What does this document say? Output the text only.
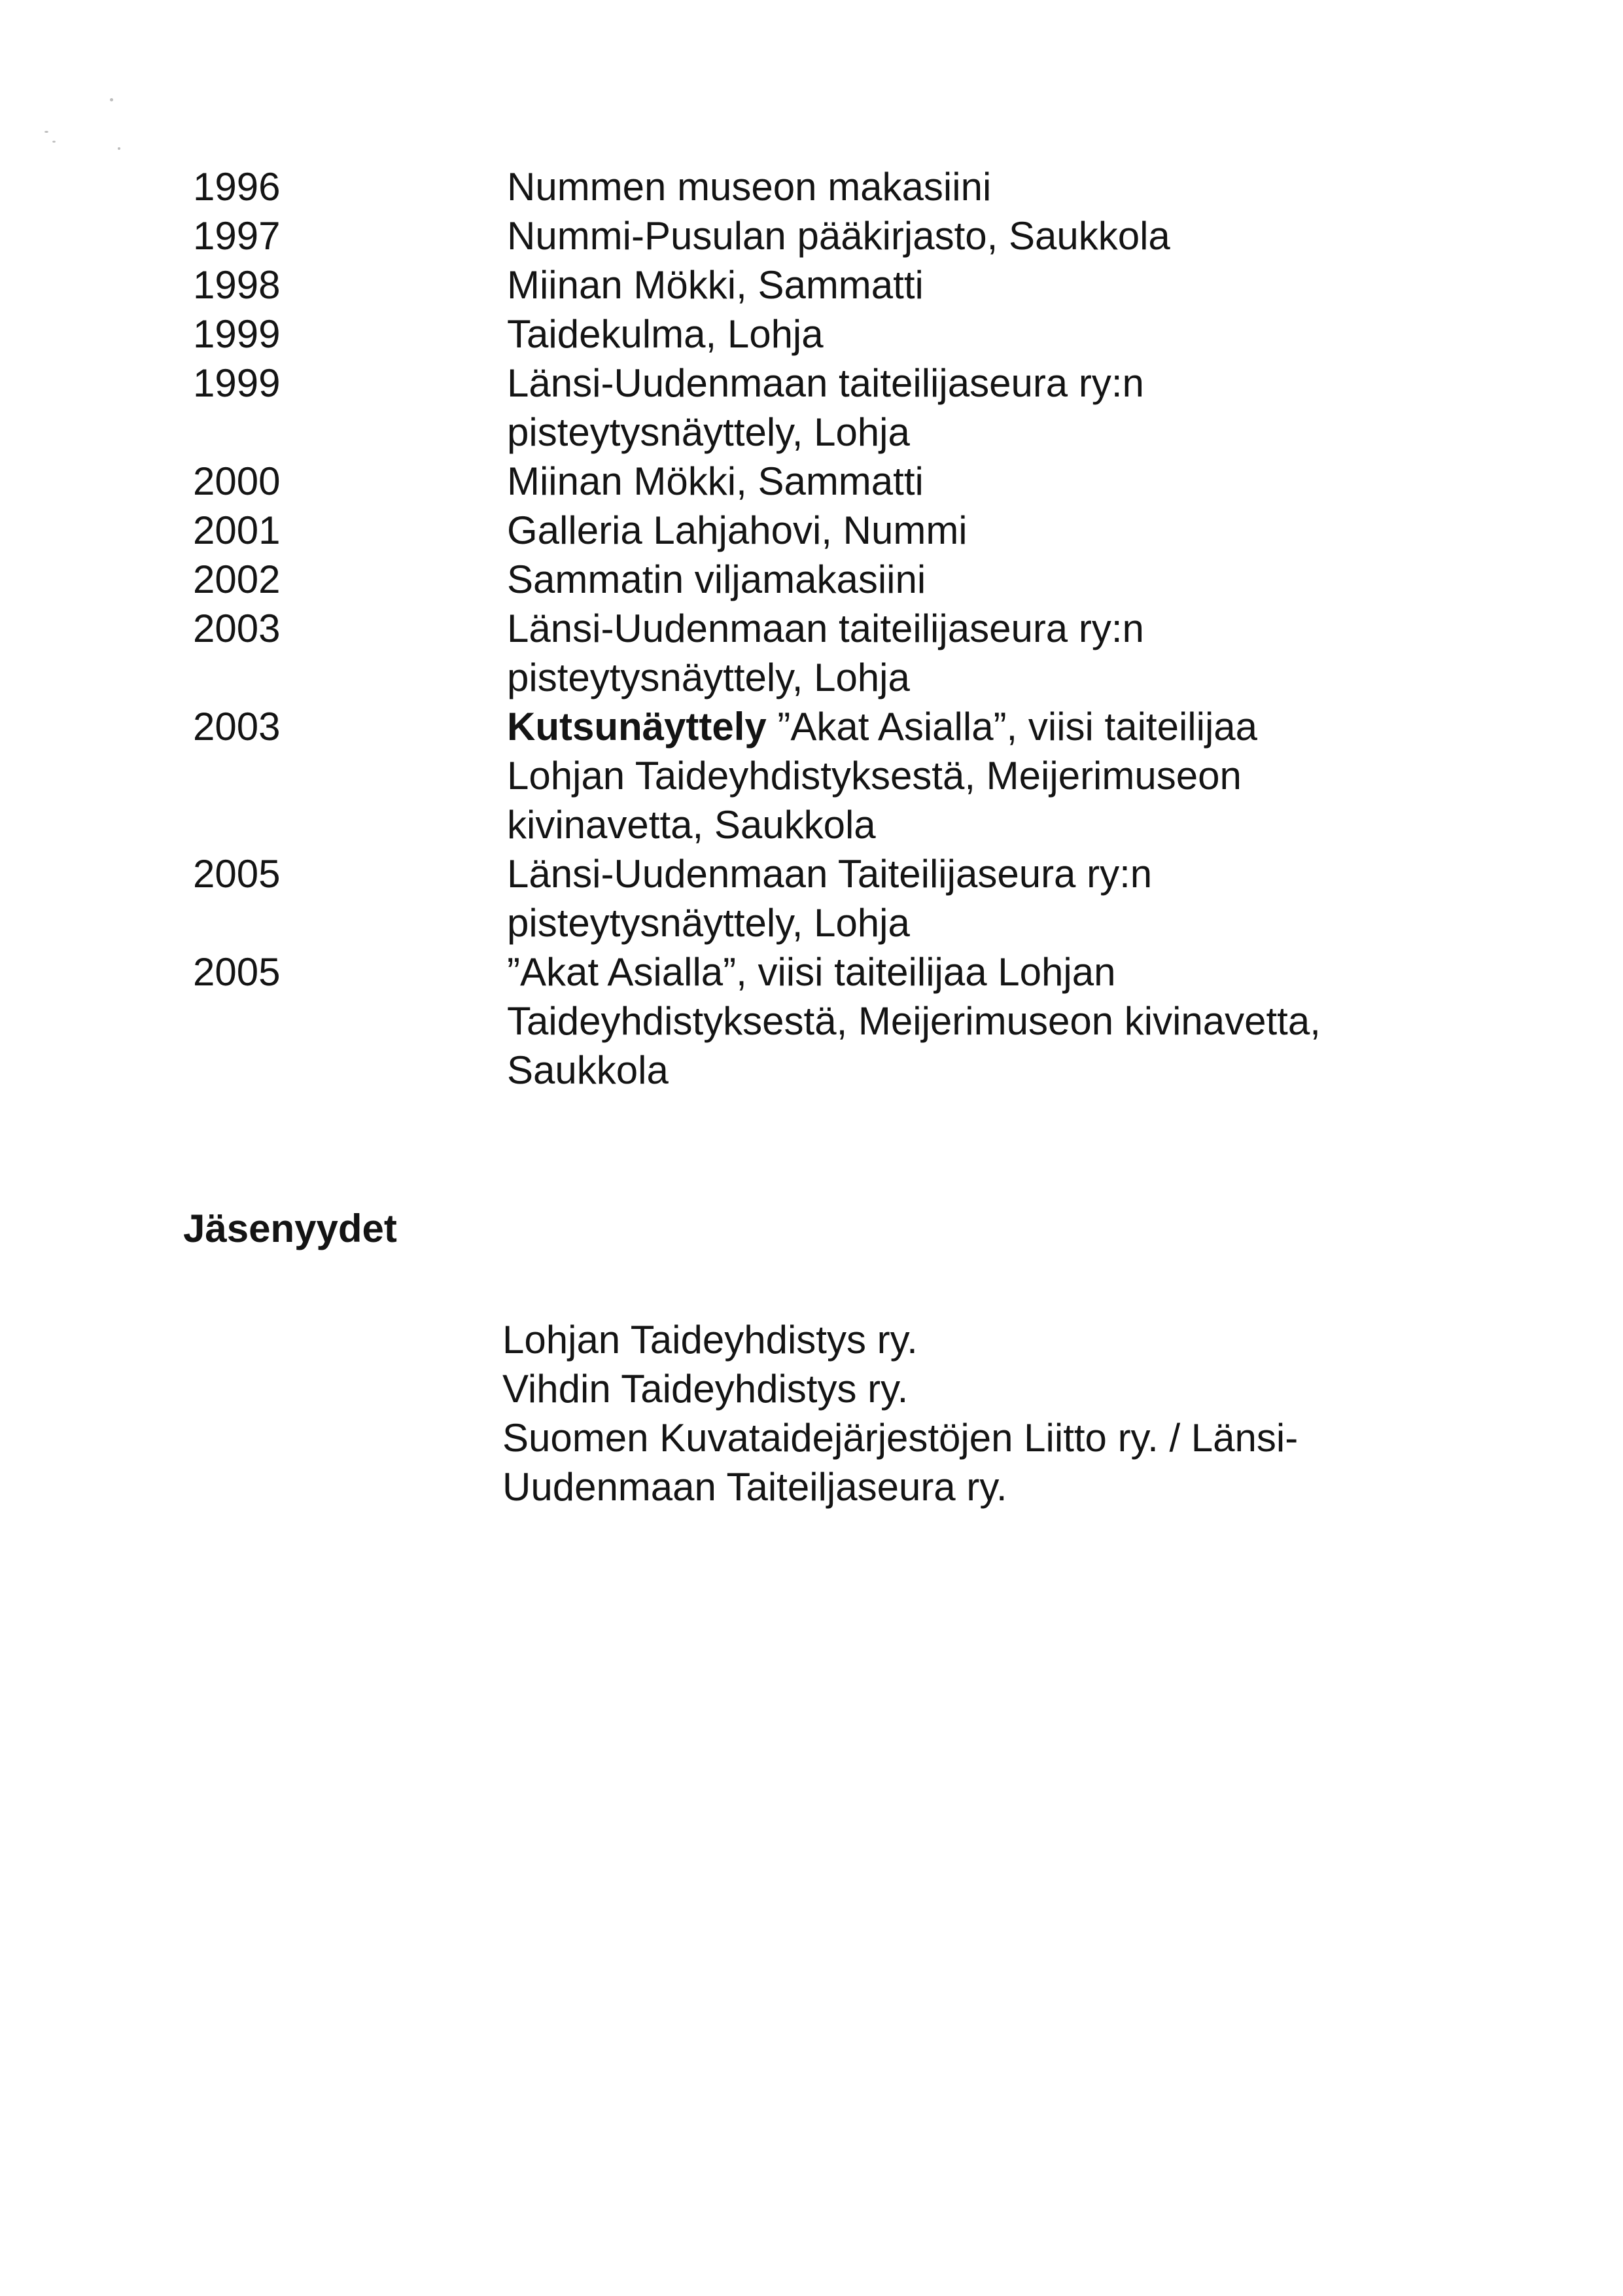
1996	Nummen museon makasiini
1997	Nummi-Pusulan pääkirjasto, Saukkola
1998	Miinan Mökki, Sammatti
1999	Taidekulma, Lohja
1999	Länsi-Uudenmaan taiteilijaseura ry:n
pisteytysnäyttely, Lohja
2000	Miinan Mökki, Sammatti
2001	Galleria Lahjahovi, Nummi
2002	Sammatin viljamakasiini
2003	Länsi-Uudenmaan taiteilijaseura ry:n
pisteytysnäyttely, Lohja
2003	Kutsunäyttely ”Akat Asialla”, viisi taiteilijaa
Lohjan Taideyhdistyksestä, Meijerimuseon
kivinavetta, Saukkola
2005	Länsi-Uudenmaan Taiteilijaseura ry:n
pisteytysnäyttely, Lohja
2005	”Akat Asialla”, viisi taiteilijaa Lohjan
Taideyhdistyksestä, Meijerimuseon kivinavetta,
Saukkola
Jäsenyydet
Lohjan Taideyhdistys ry.
Vihdin Taideyhdistys ry.
Suomen Kuvataidejärjestöjen Liitto ry. / Länsi-
Uudenmaan Taiteiljaseura ry.
